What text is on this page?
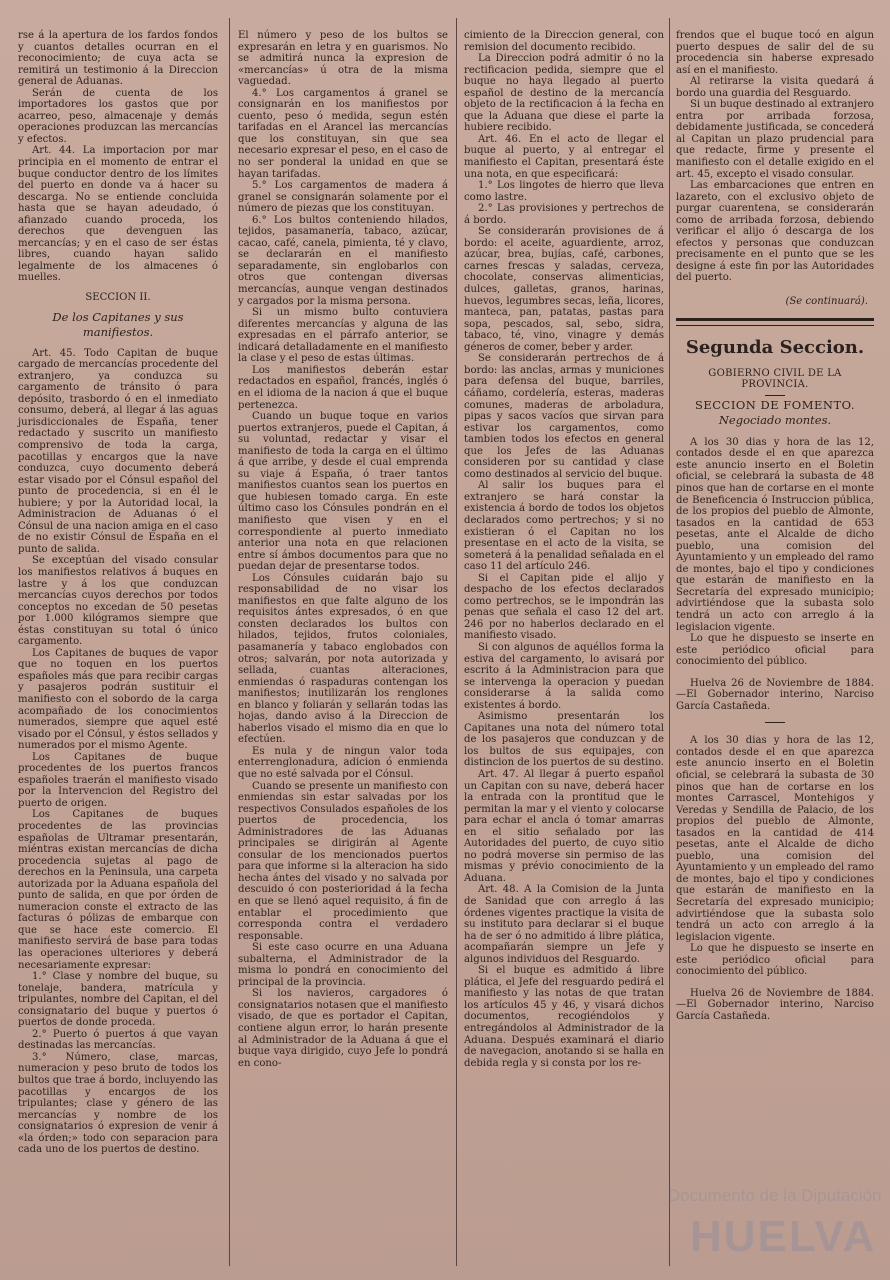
rse á la apertura de los fardos fondos y cuantos detalles ocurran en el reconocimiento; de cuya acta se remitirá un testimonio á la Direccion general de Aduanas.

Serán de cuenta de los importadores los gastos que por acarreo, peso, almacenaje y demás operaciones produzcan las mercancías y efectos.

Art. 44. La importacion por mar principia en el momento de entrar el buque conductor dentro de los límites del puerto en donde va á hacer su descarga. No se entiende concluida hasta que se hayan adeudado, ó afianzado cuando proceda, los derechos que devenguen las mercancías; y en el caso de ser éstas libres, cuando hayan salido legalmente de los almacenes ó muelles.

SECCION II.
De los Capitanes y sus manifiestos.

Art. 45. Todo Capitan de buque cargado de mercancías procedente del extranjero, ya conduzca su cargamento de tránsito ó para depósito, trasbordo ó en el inmediato consumo, deberá, al llegar á las aguas jurisdiccionales de España, tener redactado y suscrito un manifiesto comprensivo de toda la carga, pacotillas y encargos que la nave conduzca, cuyo documento deberá estar visado por el Cónsul español del punto de procedencia, si en él le hubiere; y por la Autoridad local, la Administracion de Aduanas ó el Cónsul de una nacion amiga en el caso de no existir Cónsul de España en el punto de salida.

Se exceptúan del visado consular los manifiestos relativos á buques en lastre y á los que conduzcan mercancías cuyos derechos por todos conceptos no excedan de 50 pesetas por 1.000 kilógramos siempre que éstas constituyan su total ó único cargamento.

Los Capitanes de buques de vapor que no toquen en los puertos españoles más que para recibir cargas y pasajeros podrán sustituir el manifiesto con el sobordo de la carga acompañado de los conocimientos numerados, siempre que aquel esté visado por el Cónsul, y éstos sellados y numerados por el mismo Agente.

Los Capitanes de buque procedentes de los puertos francos españoles traerán el manifiesto visado por la Intervencion del Registro del puerto de origen.

Los Capitanes de buques procedentes de las provincias españolas de Ultramar presentarán, miéntras existan mercancías de dicha procedencia sujetas al pago de derechos en la Peninsula, una carpeta autorizada por la Aduana española del punto de salida, en que por órden de numeracion conste el extracto de las facturas ó pólizas de embarque con que se hace este comercio. El manifiesto servirá de base para todas las operaciones ulteriores y deberá necesariamente expresar:

1.° Clase y nombre del buque, su tonelaje, bandera, matrícula y tripulantes, nombre del Capitan, el del consignatario del buque y puertos ó puertos de donde proceda.

2.° Puerto ó puertos á que vayan destinadas las mercancías.

3.° Número, clase, marcas, numeracion y peso bruto de todos los bultos que trae á bordo, incluyendo las pacotillas y encargos de los tripulantes; clase y género de las mercancías y nombre de los consignatarios ó expresion de venir á «la órden;» todo con separacion para cada uno de los puertos de destino.

El número y peso de los bultos se expresarán en letra y en guarismos. No se admitirá nunca la expresion de «mercancías» ú otra de la misma vaguedad.

4.° Los cargamentos á granel se consignarán en los manifiestos por cuento, peso ó medida, segun estén tarifadas en el Arancel las mercancías que los constituyan, sin que sea necesario expresar el peso, en el caso de no ser ponderal la unidad en que se hayan tarifadas.

5.° Los cargamentos de madera á granel se consignarán solamente por el número de piezas que los constituyan.

6.° Los bultos conteniendo hilados, tejidos, pasamanería, tabaco, azúcar, cacao, café, canela, pimienta, té y clavo, se declararán en el manifiesto separadamente, sin englobarlos con otros que contengan diversas mercancías, aunque vengan destinados y cargados por la misma persona.

Si un mismo bulto contuviera diferentes mercancías y alguna de las expresadas en el párrafo anterior, se indicará detalladamente en el manifiesto la clase y el peso de estas últimas.

Los manifiestos deberán estar redactados en español, francés, inglés ó en el idioma de la nacion á que el buque pertenezca.

Cuando un buque toque en varios puertos extranjeros, puede el Capitan, á su voluntad, redactar y visar el manifiesto de toda la carga en el último á que arribe, y desde el cual emprenda su viaje á España, ó traer tantos manifiestos cuantos sean los puertos en que hubiesen tomado carga. En este último caso los Cónsules pondrán en el manifiesto que visen y en el correspondiente al puerto inmediato anterior una nota en que relacionen entre sí ámbos documentos para que no puedan dejar de presentarse todos.

Los Cónsules cuidarán bajo su responsabilidad de no visar los manifiestos en que falte alguno de los requisitos ántes expresados, ó en que consten declarados los bultos con hilados, tejidos, frutos coloniales, pasamanería y tabaco englobados con otros; salvarán, por nota autorizada y sellada, cuantas alteraciones, enmiendas ó raspaduras contengan los manifiestos; inutilizarán los renglones en blanco y foliarán y sellarán todas las hojas, dando aviso á la Direccion de haberlos visado el mismo dia en que lo efectúen.

Es nula y de ningun valor toda enterrenglonadura, adicion ó enmienda que no esté salvada por el Cónsul.

Cuando se presente un manifiesto con enmiendas sin estar salvadas por los respectivos Consulados españoles de los puertos de procedencia, los Administradores de las Aduanas principales se dirigirán al Agente consular de los mencionados puertos para que informe si la alteracion ha sido hecha ántes del visado y no salvada por descuido ó con posterioridad á la fecha en que se llenó aquel requisito, á fin de entablar el procedimiento que corresponda contra el verdadero responsable.

Si este caso ocurre en una Aduana subalterna, el Administrador de la misma lo pondrá en conocimiento del principal de la provincia.

Si los navieros, cargadores ó consignatarios notasen que el manifiesto visado, de que es portador el Capitan, contiene algun error, lo harán presente al Administrador de la Aduana á que el buque vaya dirigido, cuyo Jefe lo pondrá en cono-

cimiento de la Direccion general, con remision del documento recibido.

La Direccion podrá admitir ó no la rectificacion pedida, siempre que el buque no haya llegado al puerto español de destino de la mercancía objeto de la rectificacion á la fecha en que la Aduana que diese el parte la hubiere recibido.

Art. 46. En el acto de llegar el buque al puerto, y al entregar el manifiesto el Capitan, presentará éste una nota, en que especificará:

1.° Los lingotes de hierro que lleva como lastre.

2.° Las provisiones y pertrechos de á bordo.

Se considerarán provisiones de á bordo: el aceite, aguardiente, arroz, azúcar, brea, bujías, café, carbones, carnes frescas y saladas, cerveza, chocolate, conservas alimenticias, dulces, galletas, granos, harinas, huevos, legumbres secas, leña, licores, manteca, pan, patatas, pastas para sopa, pescados, sal, sebo, sidra, tabaco, té, vino, vinagre y demás géneros de comer, beber y arder.

Se considerarán pertrechos de á bordo: las anclas, armas y municiones para defensa del buque, barriles, cáñamo, cordelería, esteras, maderas comunes, maderas de arboladura, pipas y sacos vacíos que sirvan para estivar los cargamentos, como tambien todos los efectos en general que los Jefes de las Aduanas consideren por su cantidad y clase como destinados al servicio del buque.

Al salir los buques para el extranjero se hará constar la existencia á bordo de todos los objetos declarados como pertrechos; y si no existieran ó el Capitan no los presentase en el acto de la visita, se someterá á la penalidad señalada en el caso 11 del artículo 246.

Si el Capitan pide el alijo y despacho de los efectos declarados como pertrechos, se le impondrán las penas que señala el caso 12 del art. 246 por no haberlos declarado en el manifiesto visado.

Si con algunos de aquéllos forma la estiva del cargamento, lo avisará por escrito á la Administracion para que se intervenga la operacion y puedan considerarse á la salida como existentes á bordo.

Asimismo presentarán los Capitanes una nota del número total de los pasajeros que conduzcan y de los bultos de sus equipajes, con distincion de los puertos de su destino.

Art. 47. Al llegar á puerto español un Capitan con su nave, deberá hacer la entrada con la prontitud que le permitan la mar y el viento y colocarse para echar el ancla ó tomar amarras en el sitio señalado por las Autoridades del puerto, de cuyo sitio no podrá moverse sin permiso de las mismas y prévio conocimiento de la Aduana.

Art. 48. A la Comision de la Junta de Sanidad que con arreglo á las órdenes vigentes practique la visita de su instituto para declarar si el buque ha de ser ó no admitido á libre plática, acompañarán siempre un Jefe y algunos individuos del Resguardo.

Si el buque es admitido á libre plática, el Jefe del resguardo pedirá el manifiesto y las notas de que tratan los artículos 45 y 46, y visará dichos documentos, recogiéndolos y entregándolos al Administrador de la Aduana. Después examinará el diario de navegacion, anotando si se halla en debida regla y si consta por los re-

frendos que el buque tocó en algun puerto despues de salir del de su procedencia sin haberse expresado así en el manifiesto.

Al retirarse la visita quedará á bordo una guardia del Resguardo.

Si un buque destinado al extranjero entra por arribada forzosa, debidamente justificada, se concederá al Capitan un plazo prudencial para que redacte, firme y presente el manifiesto con el detalle exigido en el art. 45, excepto el visado consular.

Las embarcaciones que entren en lazareto, con el exclusivo objeto de purgar cuarentena, se considerarán como de arribada forzosa, debiendo verificar el alijo ó descarga de los efectos y personas que conduzcan precisamente en el punto que se les designe á este fin por las Autoridades del puerto.

(Se continuará).
Segunda Seccion.
GOBIERNO CIVIL DE LA PROVINCIA.
SECCION DE FOMENTO.
Negociado montes.

A los 30 dias y hora de las 12, contados desde el en que aparezca este anuncio inserto en el Boletin oficial, se celebrará la subasta de 48 pinos que han de cortarse en el monte de Beneficencia ó Instruccion pública, de los propios del pueblo de Almonte, tasados en la cantidad de 653 pesetas, ante el Alcalde de dicho pueblo, una comision del Ayuntamiento y un empleado del ramo de montes, bajo el tipo y condiciones que estarán de manifiesto en la Secretaría del expresado municipio; advirtiéndose que la subasta solo tendrá un acto con arreglo á la legislacion vigente.

Lo que he dispuesto se inserte en este periódico oficial para conocimiento del público.

Huelva 26 de Noviembre de 1884. —El Gobernador interino, Narciso García Castañeda.

A los 30 dias y hora de las 12, contados desde el en que aparezca este anuncio inserto en el Boletin oficial, se celebrará la subasta de 30 pinos que han de cortarse en los montes Carrascel, Montehigos y Veredas y Sendilla de Palacio, de los propios del pueblo de Almonte, tasados en la cantidad de 414 pesetas, ante el Alcalde de dicho pueblo, una comision del Ayuntamiento y un empleado del ramo de montes, bajo el tipo y condiciones que estarán de manifiesto en la Secretaría del expresado municipio; advirtiéndose que la subasta solo tendrá un acto con arreglo á la legislacion vigente.

Lo que he dispuesto se inserte en este periódico oficial para conocimiento del público.

Huelva 26 de Noviembre de 1884. —El Gobernador interino, Narciso García Castañeda.

Documento de la Diputación
HUELVA
